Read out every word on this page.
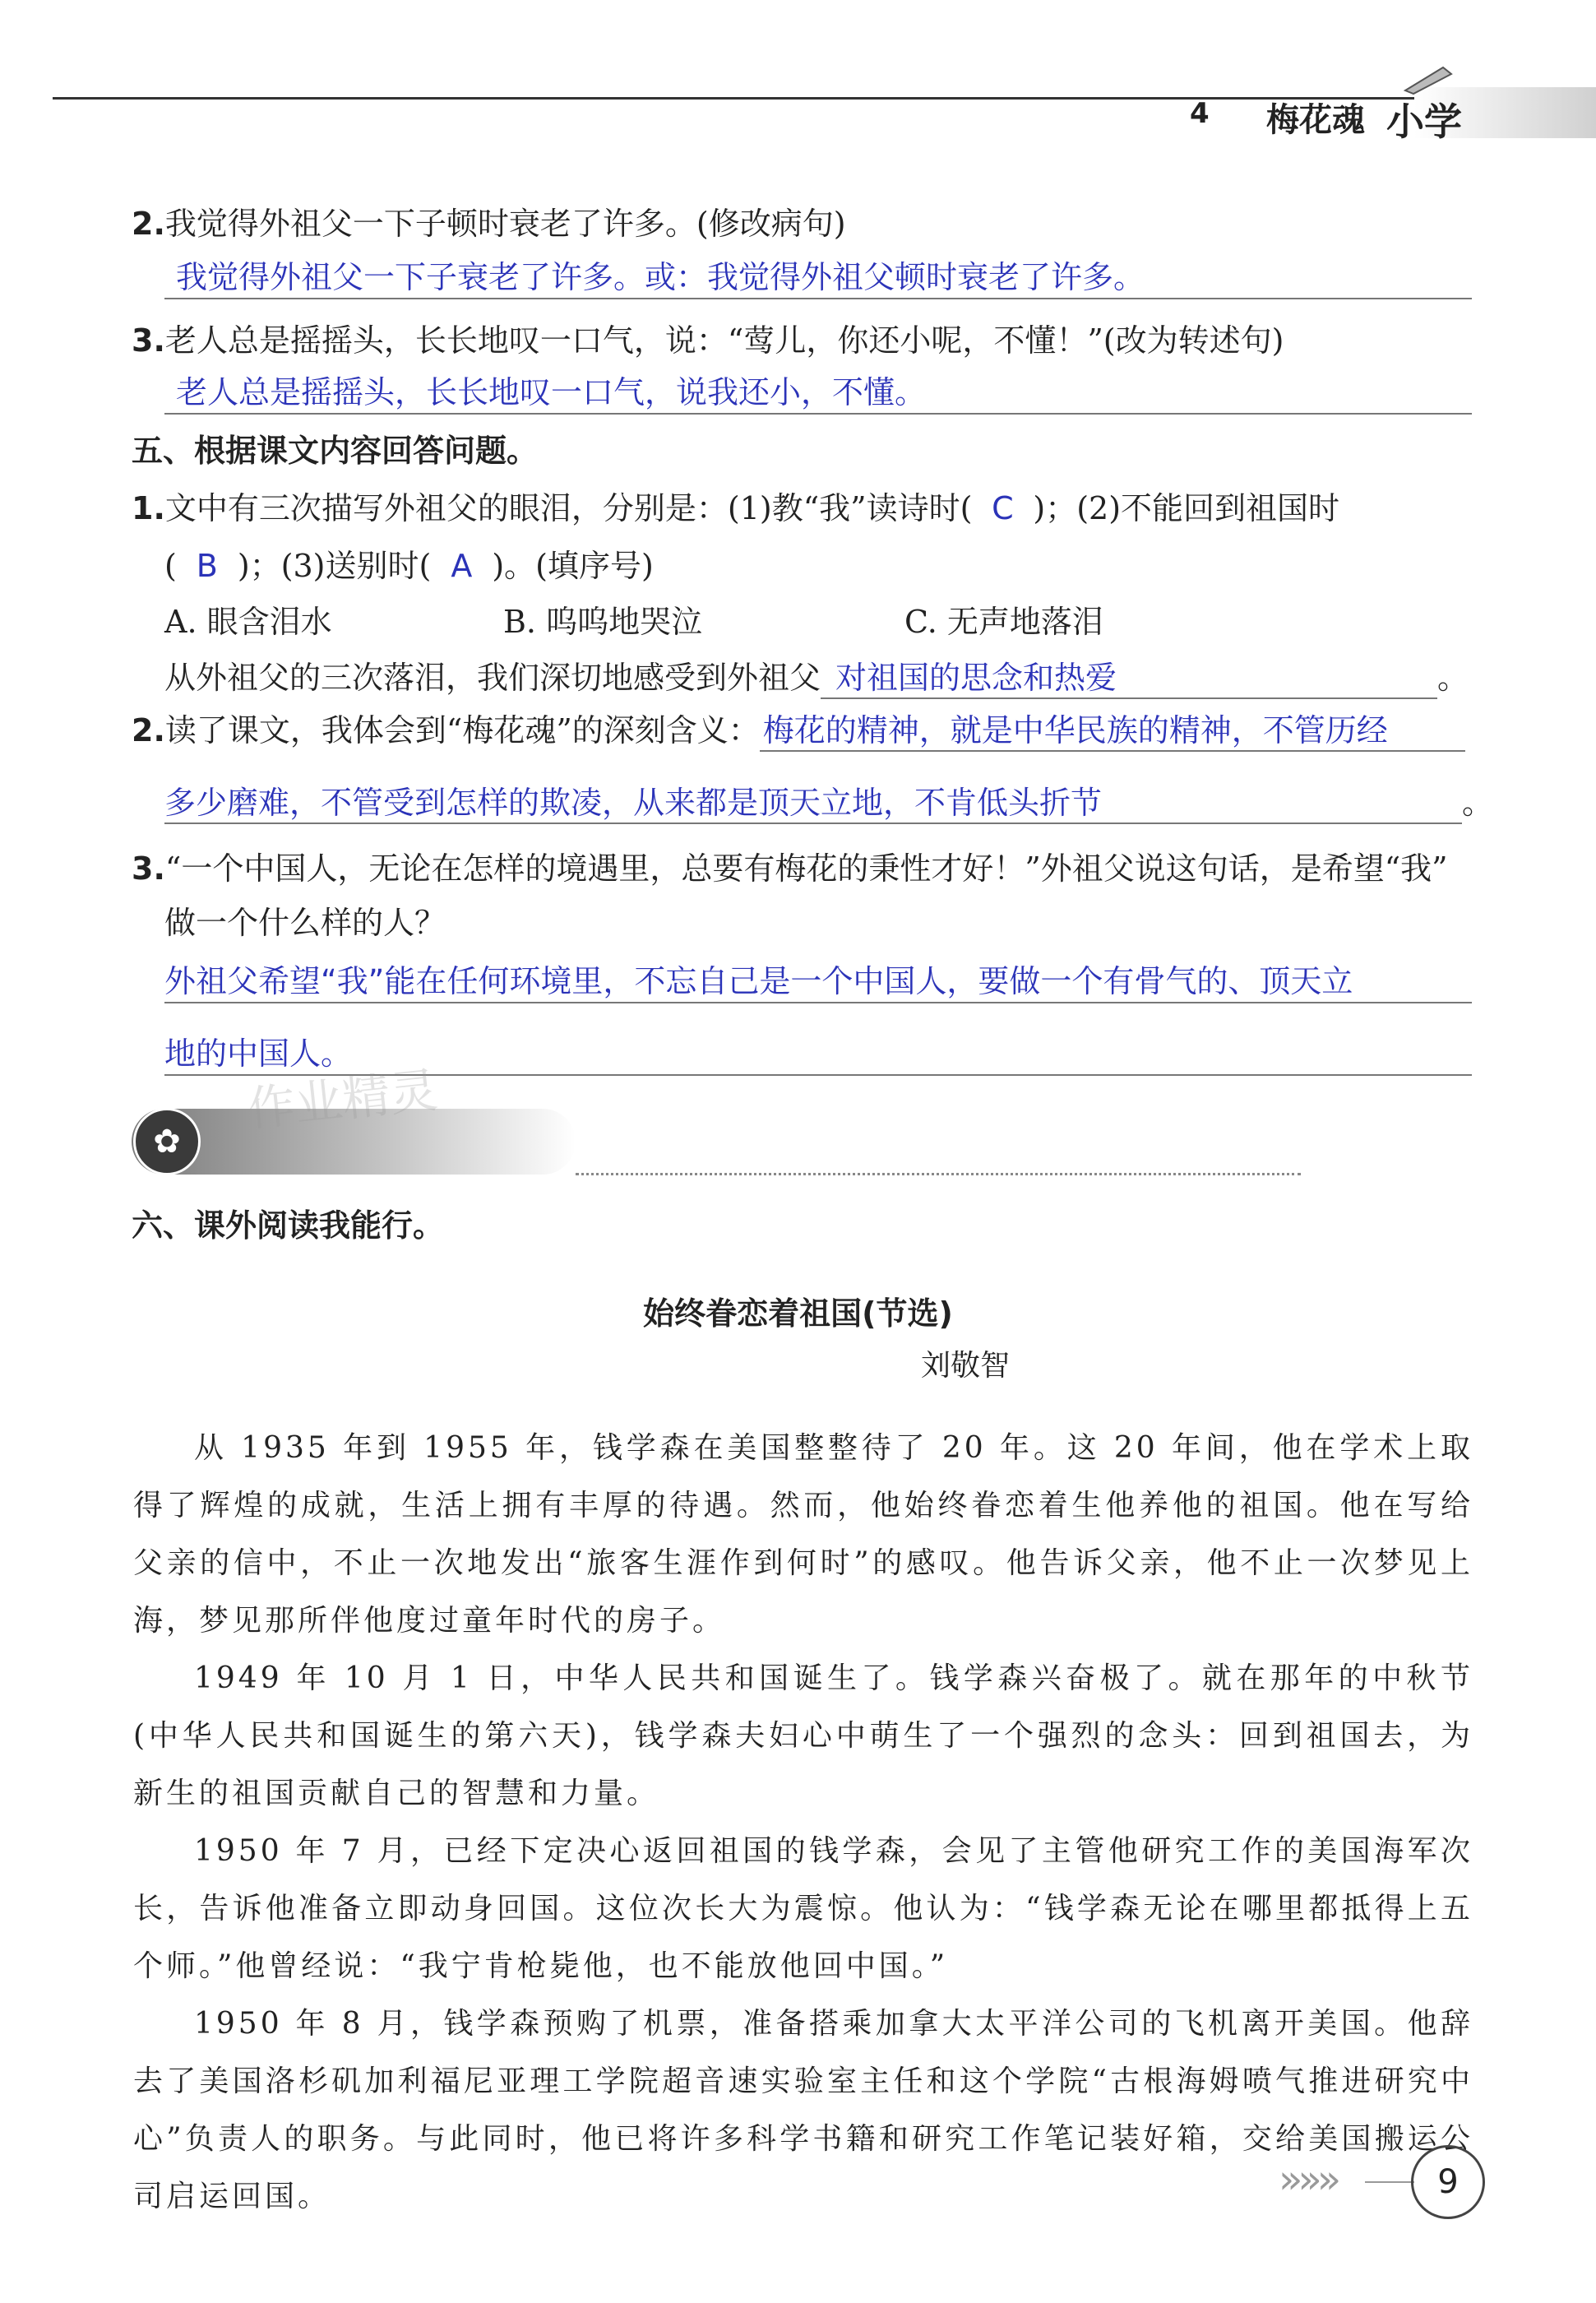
4 梅花魂 小学
2.我觉得外祖父一下子顿时衰老了许多。(修改病句)
我觉得外祖父一下子衰老了许多。或：我觉得外祖父顿时衰老了许多。
3.老人总是摇摇头，长长地叹一口气，说：“莺儿，你还小呢，不懂！”(改为转述句)
老人总是摇摇头，长长地叹一口气，说我还小，不懂。
五、根据课文内容回答问题。
1.文中有三次描写外祖父的眼泪，分别是：(1)教“我”读诗时( C )；(2)不能回到祖国时
( B )；(3)送别时( A )。(填序号)
A. 眼含泪水	B. 呜呜地哭泣	C. 无声地落泪
从外祖父的三次落泪，我们深切地感受到外祖父 对祖国的思念和热爱	。
2.读了课文，我体会到“梅花魂”的深刻含义： 梅花的精神，就是中华民族的精神，不管历经
多少磨难，不管受到怎样的欺凌，从来都是顶天立地，不肯低头折节	。
3.“一个中国人，无论在怎样的境遇里，总要有梅花的秉性才好！”外祖父说这句话，是希望“我”
做一个什么样的人？
外祖父希望“我”能在任何环境里，不忘自己是一个中国人，要做一个有骨气的、顶天立
地的中国人。
✿
作业精灵
六、课外阅读我能行。
始终眷恋着祖国(节选)
刘敬智
从 1935 年到 1955 年，钱学森在美国整整待了 20 年。这 20 年间，他在学术上取得了辉煌的成就，生活上拥有丰厚的待遇。然而，他始终眷恋着生他养他的祖国。他在写给父亲的信中，不止一次地发出“旅客生涯作到何时”的感叹。他告诉父亲，他不止一次梦见上海，梦见那所伴他度过童年时代的房子。
1949 年 10 月 1 日，中华人民共和国诞生了。钱学森兴奋极了。就在那年的中秋节(中华人民共和国诞生的第六天)，钱学森夫妇心中萌生了一个强烈的念头：回到祖国去，为新生的祖国贡献自己的智慧和力量。
1950 年 7 月，已经下定决心返回祖国的钱学森，会见了主管他研究工作的美国海军次长，告诉他准备立即动身回国。这位次长大为震惊。他认为：“钱学森无论在哪里都抵得上五个师。”他曾经说：“我宁肯枪毙他，也不能放他回中国。”
1950 年 8 月，钱学森预购了机票，准备搭乘加拿大太平洋公司的飞机离开美国。他辞去了美国洛杉矶加利福尼亚理工学院超音速实验室主任和这个学院“古根海姆喷气推进研究中心”负责人的职务。与此同时，他已将许多科学书籍和研究工作笔记装好箱，交给美国搬运公司启运回国。	»»»	9
